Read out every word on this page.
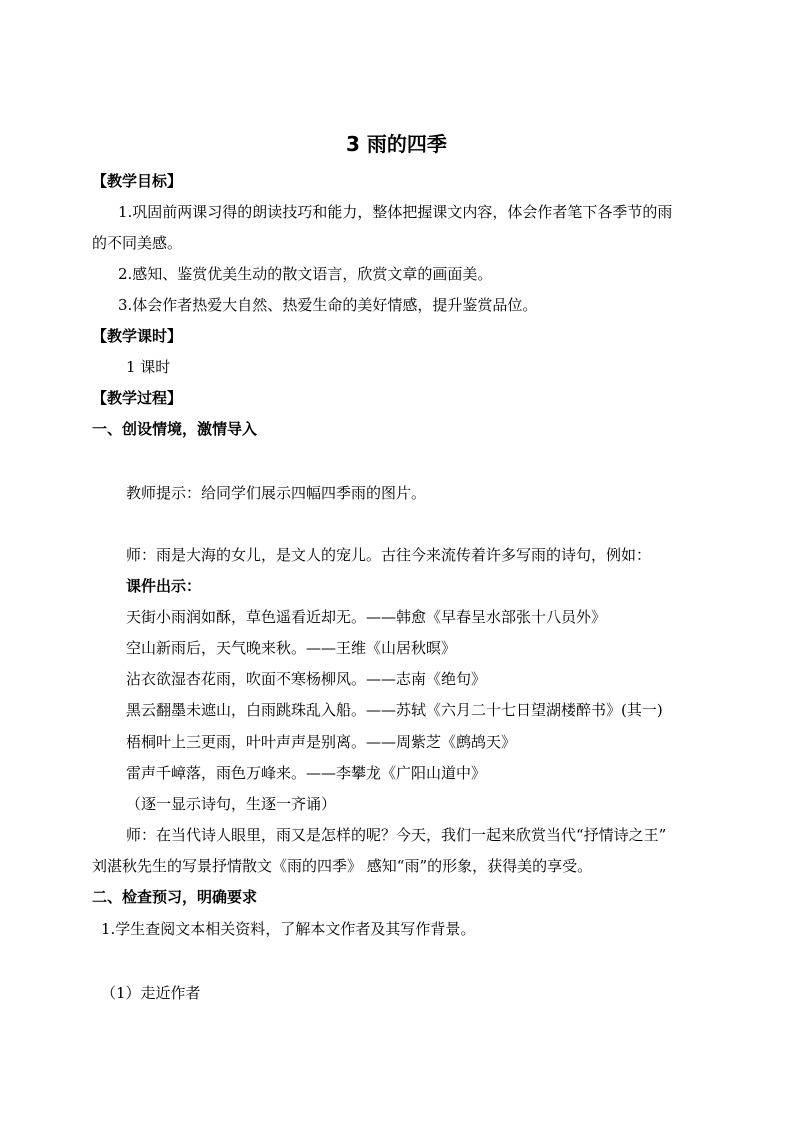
3 雨的四季
【教学目标】
1.巩固前两课习得的朗读技巧和能力，整体把握课文内容，体会作者笔下各季节的雨
的不同美感。
2.感知、鉴赏优美生动的散文语言，欣赏文章的画面美。
3.体会作者热爱大自然、热爱生命的美好情感，提升鉴赏品位。
【教学课时】
1 课时
【教学过程】
一、创设情境，激情导入
教师提示：给同学们展示四幅四季雨的图片。
师：雨是大海的女儿，是文人的宠儿。古往今来流传着许多写雨的诗句，例如：
课件出示：
天街小雨润如酥，草色遥看近却无。——韩愈《早春呈水部张十八员外》
空山新雨后，天气晚来秋。——王维《山居秋暝》
沾衣欲湿杏花雨，吹面不寒杨柳风。——志南《绝句》
黑云翻墨未遮山，白雨跳珠乱入船。——苏轼《六月二十七日望湖楼醉书》(其一)
梧桐叶上三更雨，叶叶声声是别离。——周紫芝《鹧鸪天》
雷声千嶂落，雨色万峰来。——李攀龙《广阳山道中》
（逐一显示诗句，生逐一齐诵）
师：在当代诗人眼里，雨又是怎样的呢？今天，我们一起来欣赏当代“抒情诗之王”
刘湛秋先生的写景抒情散文《雨的四季》 感知“雨”的形象，获得美的享受。
二、检查预习，明确要求
1.学生查阅文本相关资料，了解本文作者及其写作背景。
（1）走近作者
